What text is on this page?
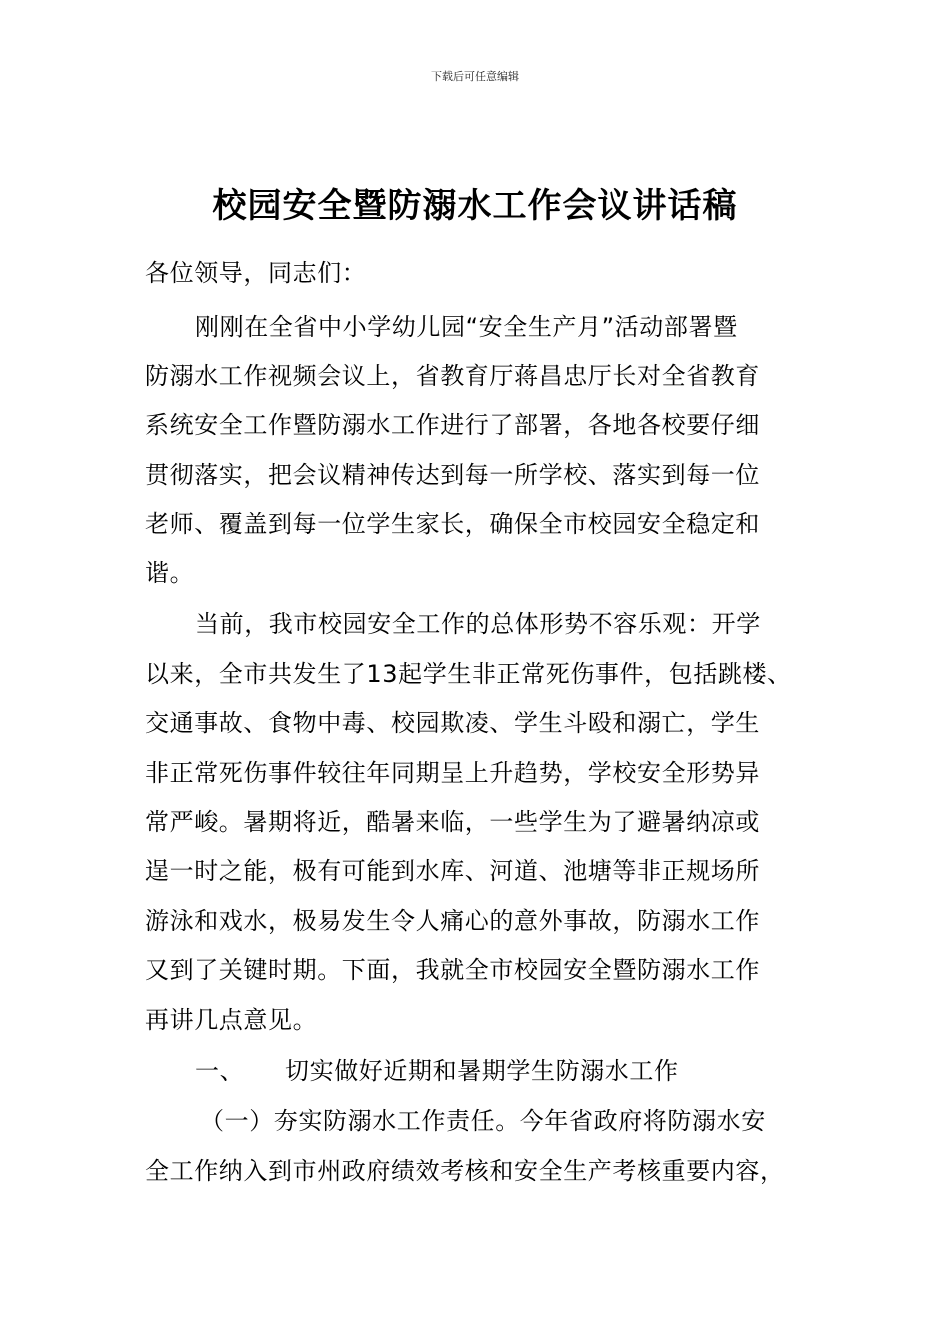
下载后可任意编辑
校园安全暨防溺水工作会议讲话稿
各位领导，同志们：
刚刚在全省中小学幼儿园“安全生产月”活动部署暨
防溺水工作视频会议上，省教育厅蒋昌忠厅长对全省教育
系统安全工作暨防溺水工作进行了部署，各地各校要仔细
贯彻落实，把会议精神传达到每一所学校、落实到每一位
老师、覆盖到每一位学生家长，确保全市校园安全稳定和
谐。
当前，我市校园安全工作的总体形势不容乐观：开学
以来，全市共发生了13起学生非正常死伤事件，包括跳楼、
交通事故、食物中毒、校园欺凌、学生斗殴和溺亡，学生
非正常死伤事件较往年同期呈上升趋势，学校安全形势异
常严峻。暑期将近，酷暑来临，一些学生为了避暑纳凉或
逞一时之能，极有可能到水库、河道、池塘等非正规场所
游泳和戏水，极易发生令人痛心的意外事故，防溺水工作
又到了关键时期。下面，我就全市校园安全暨防溺水工作
再讲几点意见。
一、 切实做好近期和暑期学生防溺水工作
（一）夯实防溺水工作责任。今年省政府将防溺水安
全工作纳入到市州政府绩效考核和安全生产考核重要内容，
